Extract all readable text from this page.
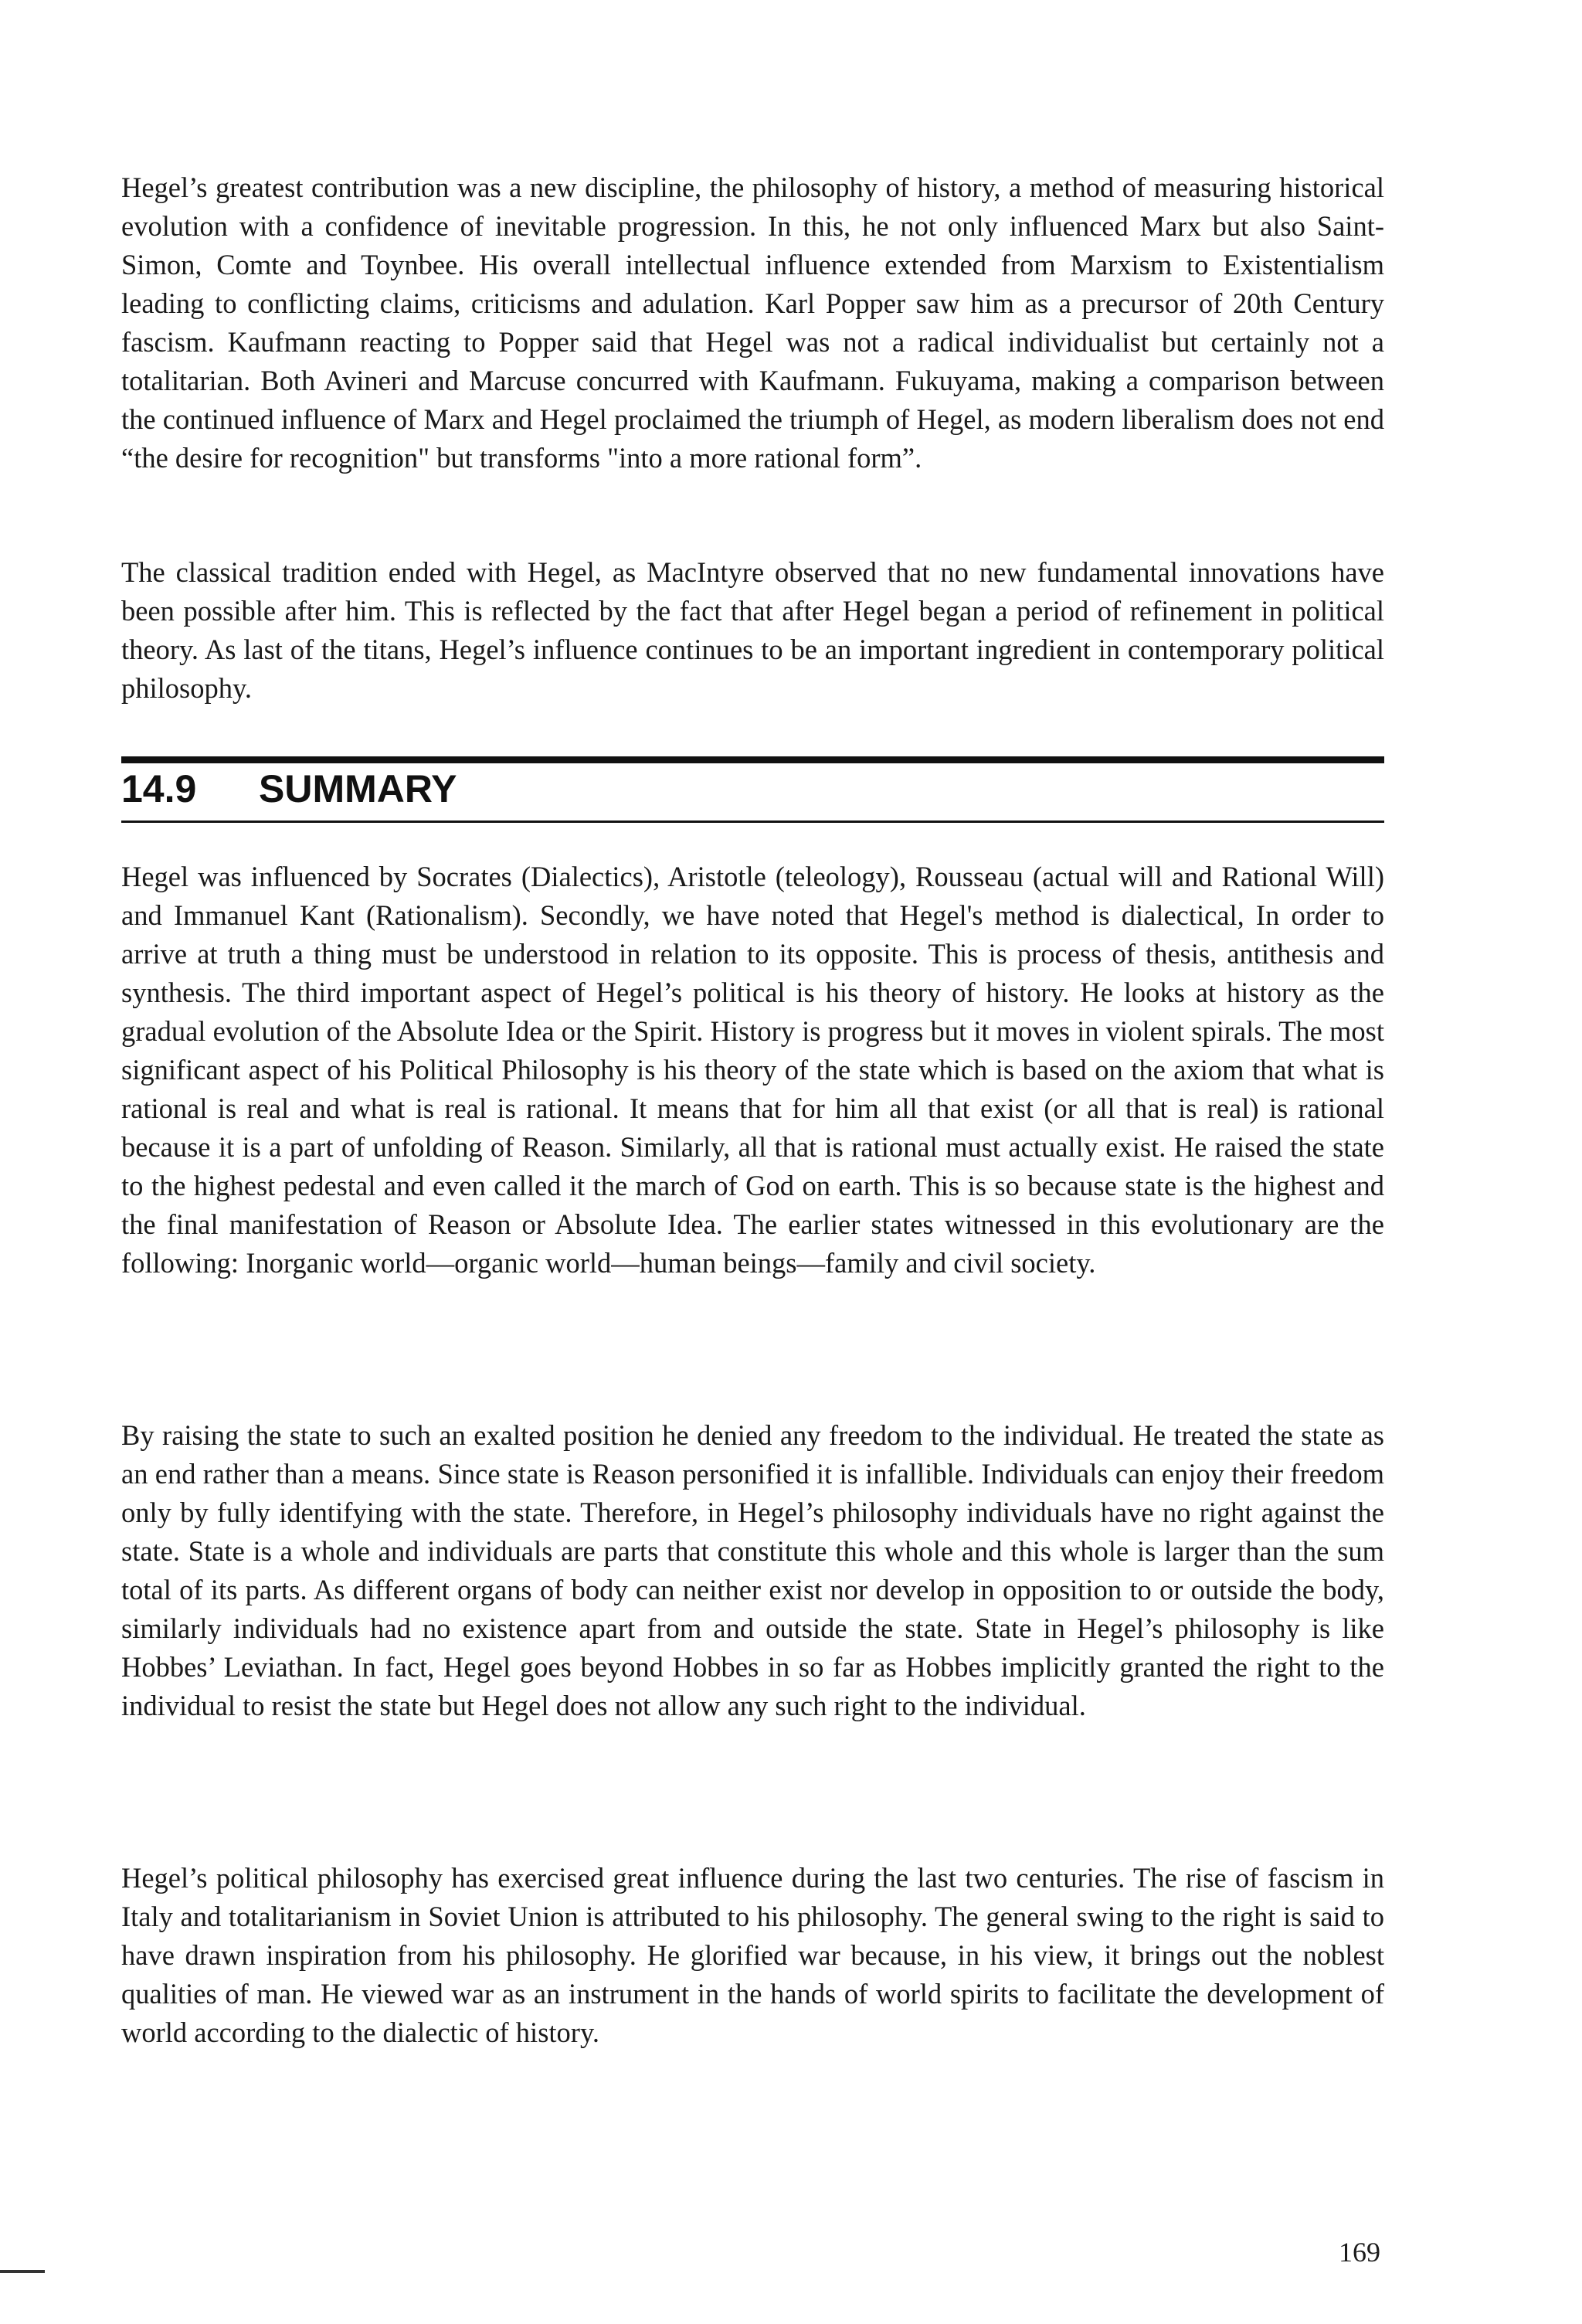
Hegel’s greatest contribution was a new discipline, the philosophy of history, a method of measuring historical evolution with a confidence of inevitable progression. In this, he not only influenced Marx but also Saint-Simon, Comte and Toynbee. His overall intellectual influence extended from Marxism to Existentialism leading to conflicting claims, criticisms and adulation. Karl Popper saw him as a precursor of 20th Century fascism. Kaufmann reacting to Popper said that Hegel was not a radical individualist but certainly not a totalitarian. Both Avineri and Marcuse concurred with Kaufmann. Fukuyama, making a comparison between the continued influence of Marx and Hegel proclaimed the triumph of Hegel, as modern liberalism does not end “the desire for recognition" but transforms "into a more rational form”.

The classical tradition ended with Hegel, as MacIntyre observed that no new fundamental innovations have been possible after him. This is reflected by the fact that after Hegel began a period of refinement in political theory. As last of the titans, Hegel’s influence continues to be an important ingredient in contemporary political philosophy.

14.9 SUMMARY

Hegel was influenced by Socrates (Dialectics), Aristotle (teleology), Rousseau (actual will and Rational Will) and Immanuel Kant (Rationalism). Secondly, we have noted that Hegel's method is dialectical, In order to arrive at truth a thing must be understood in relation to its opposite. This is process of thesis, antithesis and synthesis. The third important aspect of Hegel’s political is his theory of history. He looks at history as the gradual evolution of the Absolute Idea or the Spirit. History is progress but it moves in violent spirals. The most significant aspect of his Political Philosophy is his theory of the state which is based on the axiom that what is rational is real and what is real is rational. It means that for him all that exist (or all that is real) is rational because it is a part of unfolding of Reason. Similarly, all that is rational must actually exist. He raised the state to the highest pedestal and even called it the march of God on earth. This is so because state is the highest and the final manifestation of Reason or Absolute Idea. The earlier states witnessed in this evolutionary are the following: Inorganic world—organic world—human beings—family and civil society.

By raising the state to such an exalted position he denied any freedom to the individual. He treated the state as an end rather than a means. Since state is Reason personified it is infallible. Individuals can enjoy their freedom only by fully identifying with the state. Therefore, in Hegel’s philosophy individuals have no right against the state. State is a whole and individuals are parts that constitute this whole and this whole is larger than the sum total of its parts. As different organs of body can neither exist nor develop in opposition to or outside the body, similarly individuals had no existence apart from and outside the state. State in Hegel’s philosophy is like Hobbes’ Leviathan. In fact, Hegel goes beyond Hobbes in so far as Hobbes implicitly granted the right to the individual to resist the state but Hegel does not allow any such right to the individual.

Hegel’s political philosophy has exercised great influence during the last two centuries. The rise of fascism in Italy and totalitarianism in Soviet Union is attributed to his philosophy. The general swing to the right is said to have drawn inspiration from his philosophy. He glorified war because, in his view, it brings out the noblest qualities of man. He viewed war as an instrument in the hands of world spirits to facilitate the development of world according to the dialectic of history.

169
